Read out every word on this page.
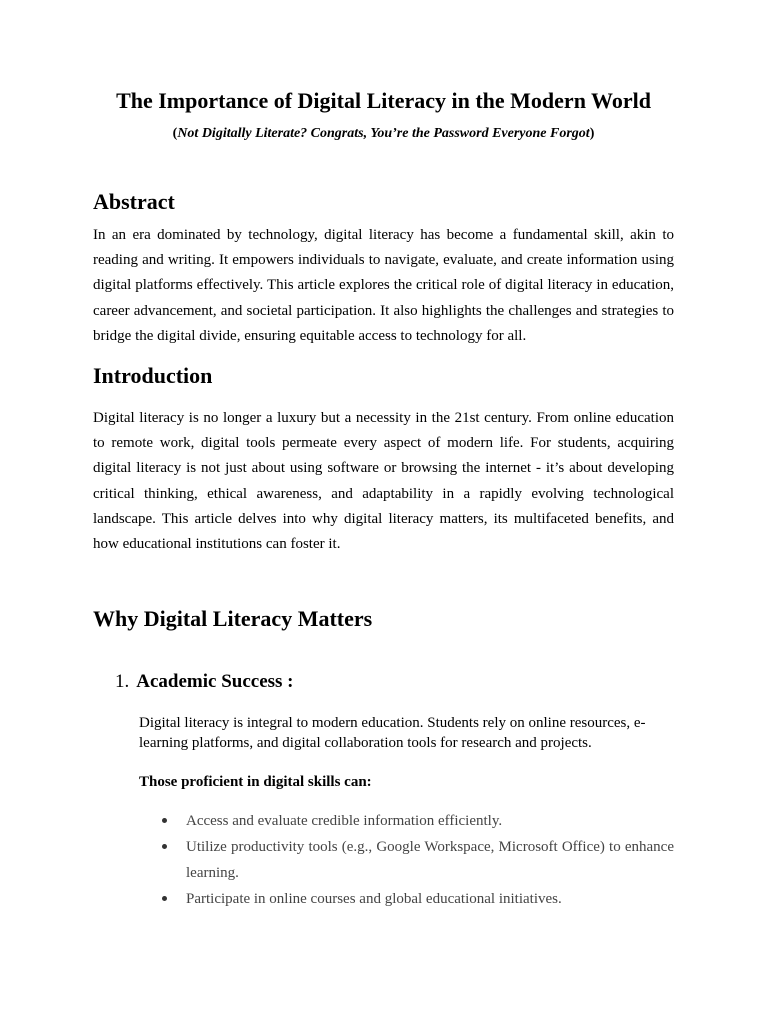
The Importance of Digital Literacy in the Modern World

(Not Digitally Literate? Congrats, You’re the Password Everyone Forgot)

Abstract

In an era dominated by technology, digital literacy has become a fundamental skill, akin to reading and writing. It empowers individuals to navigate, evaluate, and create information using digital platforms effectively. This article explores the critical role of digital literacy in education, career advancement, and societal participation. It also highlights the challenges and strategies to bridge the digital divide, ensuring equitable access to technology for all.

Introduction

Digital literacy is no longer a luxury but a necessity in the 21st century. From online education to remote work, digital tools permeate every aspect of modern life. For students, acquiring digital literacy is not just about using software or browsing the internet - it’s about developing critical thinking, ethical awareness, and adaptability in a rapidly evolving technological landscape. This article delves into why digital literacy matters, its multifaceted benefits, and how educational institutions can foster it.

Why Digital Literacy Matters
1. Academic Success :

Digital literacy is integral to modern education. Students rely on online resources, e-learning platforms, and digital collaboration tools for research and projects.

Those proficient in digital skills can:

Access and evaluate credible information efficiently.
Utilize productivity tools (e.g., Google Workspace, Microsoft Office) to enhance learning.
Participate in online courses and global educational initiatives.
